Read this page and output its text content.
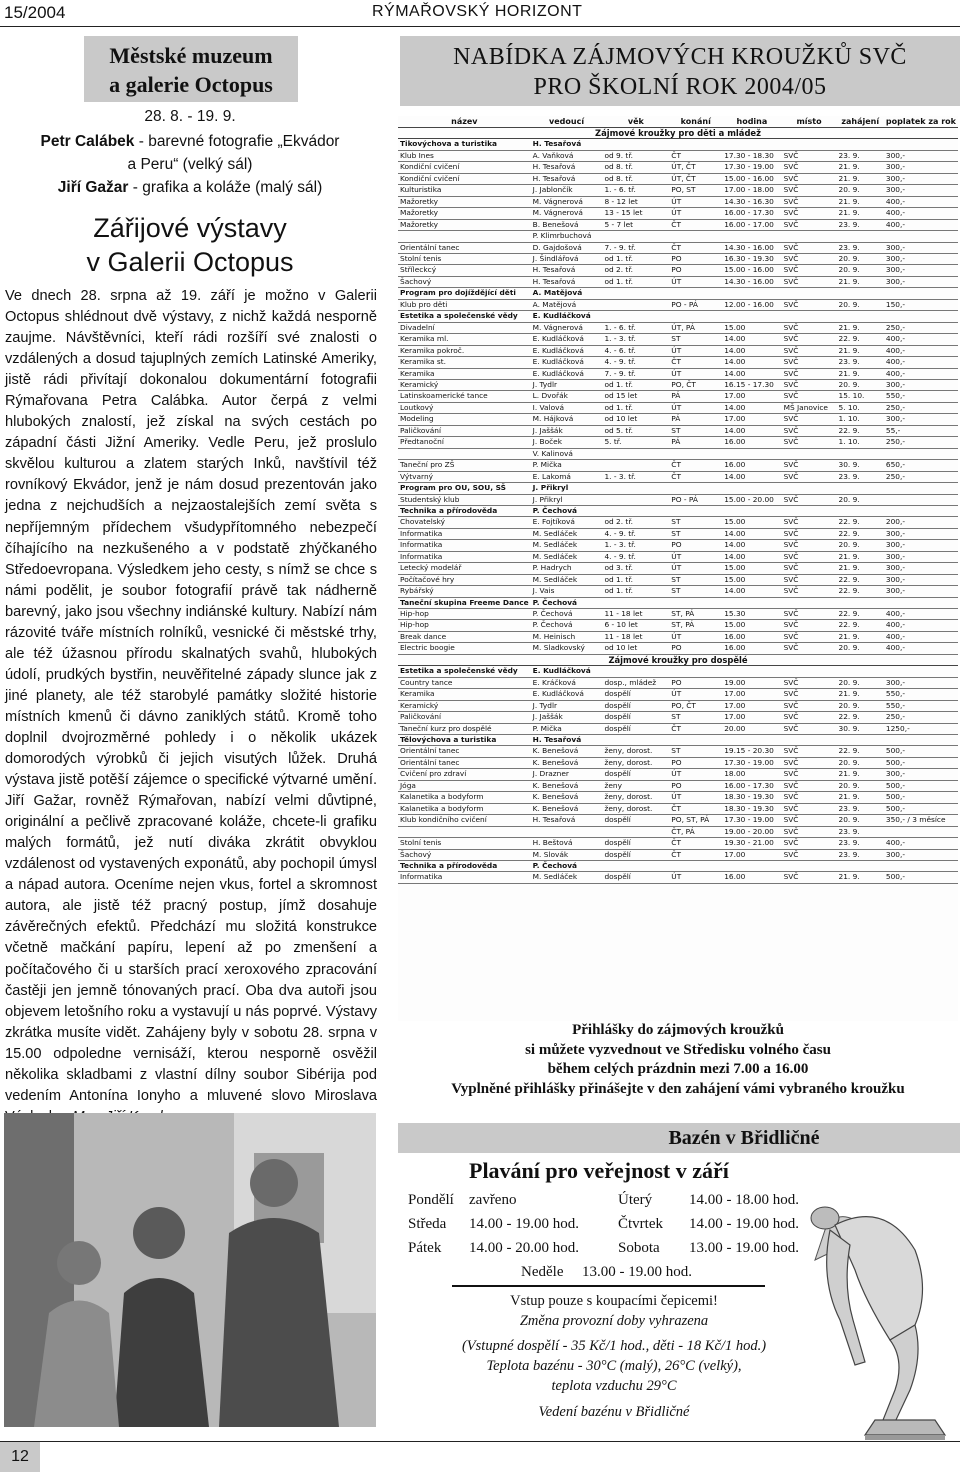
15/2004	RÝMAŘOVSKÝ HORIZONT
Městské muzeum
a galerie Octopus
28. 8. - 19. 9.
Petr Calábek - barevné fotografie „Ekvádor
a Peru“ (velký sál)
Jiří Gažar - grafika a koláže (malý sál)
Zářijové výstavy
v Galerii Octopus
Ve dnech 28. srpna až 19. září je možno v Galerii Octopus shlédnout dvě výstavy, z nichž každá nesporně zaujme. Návštěvníci, kteří rádi rozšíří své znalosti o vzdálených a dosud tajuplných zemích Latinské Ameriky, jistě rádi přivítají dokonalou dokumentární fotografii Rýmařovana Petra Calábka. Autor čerpá z velmi hlubokých znalostí, jež získal na svých cestách po západní části Jižní Ameriky. Vedle Peru, jež proslulo skvělou kulturou a zlatem starých Inků, navštívil též rovníkový Ekvádor, jenž je nám dosud prezentován jako jedna z nejchudších a nejzaostalejších zemí světa s nepříjemným přídechem všudypřítomného nebezpečí číhajícího na nezkušeného a v podstatě zhýčkaného Středoevropana. Výsledkem jeho cesty, s nímž se chce s námi podělit, je soubor fotografií právě tak nádherně barevný, jako jsou všechny indiánské kultury. Nabízí nám rázovité tváře místních rolníků, vesnické či městské trhy, ale též úžasnou přírodu skalnatých svahů, hlubokých údolí, prudkých bystřin, neuvěřitelné západy slunce jak z jiné planety, ale též starobylé památky složité historie místních kmenů či dávno zaniklých států. Kromě toho doplnil dvojrozměrné pohledy i o několik ukázek domorodých výrobků či jejich visutých lůžek. Druhá výstava jistě potěší zájemce o specifické výtvarné umění. Jiří Gažar, rovněž Rýmařovan, nabízí velmi důvtipné, originální a pečlivě zpracované koláže, chcete-li grafiku malých formátů, jež nutí diváka zkrátit obvyklou vzdálenost od vystavených exponátů, aby pochopil úmysl a nápad autora. Oceníme nejen vkus, fortel a skromnost autora, ale jistě též pracný postup, jímž dosahuje závěrečných efektů. Předchází mu složitá konstrukce včetně mačkání papíru, lepení až po zmenšení a počítačového či u starších prací xeroxového zpracování častěji jen jemně tónovaných prací. Oba dva autoři jsou objevem letošního roku a vystavují u nás poprvé. Výstavy zkrátka musíte vidět. Zahájeny byly v sobotu 28. srpna v 15.00 odpoledne vernisáží, kterou nesporně osvěžil několika skladbami z vlastní dílny soubor Sibérija pod vedením Antonína Ionyho a mluvené slovo Miroslava
NABÍDKA ZÁJMOVÝCH KROUŽKŮ SVČ
PRO ŠKOLNÍ ROK 2004/05
název	vedoucí	věk	konání	hodina	místo	zahájení	poplatek za rok
Zájmové kroužky pro děti a mládež							
Tikovýchova a turistika	H. Tesařová						
Klub Ines	A. Vaňková	od 9. tř.	ČT	17.30 - 18.30	SVČ	23. 9.	300,-
Kondiční cvičení	H. Tesařová	od 8. tř.	ÚT, ČT	17.30 - 19.00	SVČ	21. 9.	300,-
Kondiční cvičení	H. Tesařová	od 8. tř.	ÚT, ČT	15.00 - 16.00	SVČ	21. 9.	300,-
Kulturistika	J. Jablončík	1. - 6. tř.	PO, ST	17.00 - 18.00	SVČ	20. 9.	300,-
Mažoretky	M. Vágnerová	8 - 12 let	ÚT	14.30 - 16.30	SVČ	21. 9.	400,-
Mažoretky	M. Vágnerová	13 - 15 let	ÚT	16.00 - 17.30	SVČ	21. 9.	400,-
Mažoretky	B. Benešová	5 - 7 let	ČT	16.00 - 17.00	SVČ	23. 9.	400,-
	P. Klimrbuchová						
Orientální tanec	D. Gajdošová	7. - 9. tř.	ČT	14.30 - 16.00	SVČ	23. 9.	300,-
Stolní tenis	J. Šindlářová	od 1. tř.	PO	16.30 - 19.30	SVČ	20. 9.	300,-
Stříleckcý	H. Tesařová	od 2. tř.	PO	15.00 - 16.00	SVČ	20. 9.	300,-
Šachový	H. Tesařová	od 1. tř.	ÚT	14.30 - 16.00	SVČ	21. 9.	300,-
Program pro dojíždějící děti	A. Matějová						
Klub pro děti	A. Matějová		PO - PÁ	12.00 - 16.00	SVČ	20. 9.	150,-
Estetika a společenské vědy	E. Kudláčková						
Divadelní	M. Vágnerová	1. - 6. tř.	ÚT, PÁ	15.00	SVČ	21. 9.	250,-
Keramika ml.	E. Kudláčková	1. - 3. tř.	ST	14.00	SVČ	22. 9.	400,-
Keramika pokroč.	E. Kudláčková	4. - 6. tř.	ÚT	14.00	SVČ	21. 9.	400,-
Keramika st.	E. Kudláčková	4. - 9. tř.	ČT	14.00	SVČ	23. 9.	400,-
Keramika	E. Kudláčková	7. - 9. tř.	ÚT	14.00	SVČ	21. 9.	400,-
Keramický	J. Tydlr	od 1. tř.	PO, ČT	16.15 - 17.30	SVČ	20. 9.	300,-
Latinskoamerické tance	L. Dvořák	od 15 let	PÁ	17.00	SVČ	15. 10.	550,-
Loutkový	I. Valová	od 1. tř.	ÚT	14.00	MŠ Janovice	5. 10.	250,-
Modeling	M. Hájková	od 10 let	PÁ	17.00	SVČ	1. 10.	300,-
Paličkování	J. Jaššák	od 5. tř.	ST	14.00	SVČ	22. 9.	55,-
Předtanoční	J. Boček	5. tř.	PÁ	16.00	SVČ	1. 10.	250,-
	V. Kalinová						
Taneční pro ZŠ	P. Mička		ČT	16.00	SVČ	30. 9.	650,-
Výtvarný	E. Lakomá	1. - 3. tř.	ČT	14.00	SVČ	23. 9.	250,-
Program pro OU, SOU, SŠ	J. Přikryl						
Studentský klub	J. Přikryl		PO - PÁ	15.00 - 20.00	SVČ	20. 9.	
Technika a přírodověda	P. Čechová						
Chovatelský	E. Fojtíková	od 2. tř.	ST	15.00	SVČ	22. 9.	200,-
Informatika	M. Sedláček	4. - 9. tř.	ST	14.00	SVČ	22. 9.	300,-
Informatika	M. Sedláček	1. - 3. tř.	PO	14.00	SVČ	20. 9.	300,-
Informatika	M. Sedláček	4. - 9. tř.	ÚT	14.00	SVČ	21. 9.	300,-
Letecký modelář	P. Hadrych	od 3. tř.	ÚT	15.00	SVČ	21. 9.	300,-
Počítačové hry	M. Sedláček	od 1. tř.	ST	15.00	SVČ	22. 9.	300,-
Rybářský	J. Vais	od 1. tř.	ST	14.00	SVČ	22. 9.	300,-
Taneční skupina Freeme Dance	P. Čechová						
Hip-hop	P. Čechová	11 - 18 let	ST, PÁ	15.30	SVČ	22. 9.	400,-
Hip-hop	P. Čechová	6 - 10 let	ST, PÁ	15.00	SVČ	22. 9.	400,-
Break dance	M. Heinisch	11 - 18 let	ÚT	16.00	SVČ	21. 9.	400,-
Electric boogie	M. Sladkovský	od 10 let	PO	16.00	SVČ	20. 9.	400,-
Zájmové kroužky pro dospělé							
Estetika a společenské vědy	E. Kudláčková						
Country tance	E. Kráčková	dosp., mládež	PO	19.00	SVČ	20. 9.	300,-
Keramika	E. Kudláčková	dospělí	ÚT	17.00	SVČ	21. 9.	550,-
Keramický	J. Tydlr	dospělí	PO, ČT	17.00	SVČ	20. 9.	550,-
Paličkování	J. Jaššák	dospělí	ST	17.00	SVČ	22. 9.	250,-
Taneční kurz pro dospělé	P. Mička	dospělí	ČT	20.00	SVČ	30. 9.	1250,-
Tělovýchova a turistika	H. Tesařová						
Orientální tanec	K. Benešová	ženy, dorost.	ST	19.15 - 20.30	SVČ	22. 9.	500,-
Orientální tanec	K. Benešová	ženy, dorost.	PO	17.30 - 19.00	SVČ	20. 9.	500,-
Cvičení pro zdraví	J. Drazner	dospělí	ÚT	18.00	SVČ	21. 9.	300,-
Jóga	K. Benešová	ženy	PO	16.00 - 17.30	SVČ	20. 9.	500,-
Kalanetika a bodyform	K. Benešová	ženy, dorost.	ÚT	18.30 - 19.30	SVČ	21. 9.	500,-
Kalanetika a bodyform	K. Benešová	ženy, dorost.	ČT	18.30 - 19.30	SVČ	23. 9.	500,-
Klub kondičního cvičení	H. Tesařová	dospělí	PO, ST, PÁ	17.30 - 19.00	SVČ	20. 9.	350,- / 3 měsíce
			ČT, PÁ	19.00 - 20.00	SVČ	23. 9.	
Stolní tenis	H. Beštová	dospělí	ČT	19.30 - 21.00	SVČ	23. 9.	400,-
Šachový	M. Slovák	dospělí	ČT	17.00	SVČ	23. 9.	300,-
Technika a přírodověda	P. Čechová						
Informatika	M. Sedláček	dospělí	ÚT	16.00	SVČ	21. 9.	500,-
Přihlášky do zájmových kroužků
si můžete vyzvednout ve Středisku volného času
během celých prázdnin mezi 7.00 a 16.00
Vyplněné přihlášky přinášejte v den zahájení vámi vybraného kroužku
Bazén v Břidličné
Plavání pro veřejnost v září
Pondělí zavřeno	Úterý 14.00 - 18.00 hod.
Středa 14.00 - 19.00 hod.	Čtvrtek 14.00 - 19.00 hod.
Pátek 14.00 - 20.00 hod.	Sobota 13.00 - 19.00 hod.
Neděle 13.00 - 19.00 hod.
Vstup pouze s koupacími čepicemi!
Změna provozní doby vyhrazena
(Vstupné dospělí - 35 Kč/1 hod., děti - 18 Kč/1 hod.)
Teplota bazénu - 30°C (malý), 26°C (velký),
teplota vzduchu 29°C
Vedení bazénu v Břidličné
12
